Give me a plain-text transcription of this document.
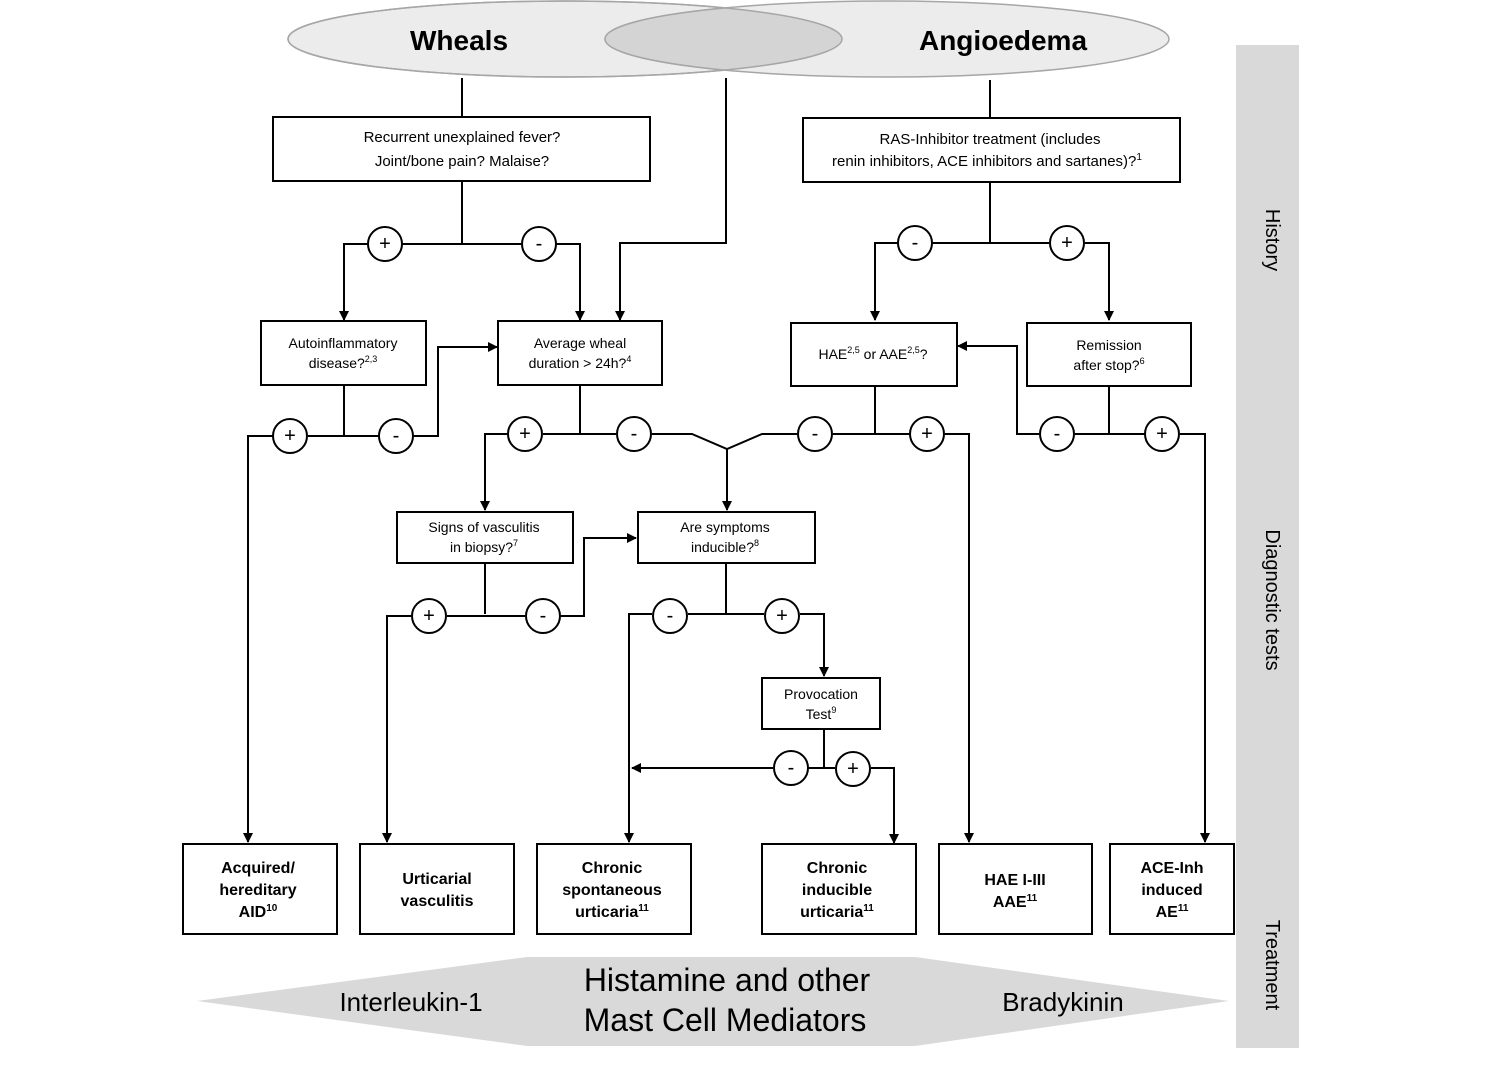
History
Diagnostic tests
Treatment
Wheals	Angioedema
Recurrent unexplained fever?
Joint/bone pain? Malaise?
RAS-Inhibitor treatment (includes
renin inhibitors, ACE inhibitors and sartanes)?$^1$
Autoinflammatory
disease?$^{2,3}$
Average wheal
duration > 24h?$^4$	HAE$^{2,5}$ or AAE$^{2,5}$?
Remission
after stop?$^6$
Signs of vasculitis
in biopsy?$^7$
Are symptoms
inducible?$^8$
Provocation
Test$^9$
Acquired/
hereditary
AID$^{10}$
Urticarial
vasculitis
Chronic
spontaneous
urticaria$^{11}$
Chronic
inducible
urticaria$^{11}$
HAE I-III
AAE$^{11}$
ACE-Inh
induced
$AE^{11}$
+	-	-	+
+	-	+	-	-	+	-	+
+	-	-	+
-	+
Interleukin-1
Histamine and other
Mast Cell Mediators	Bradykinin
